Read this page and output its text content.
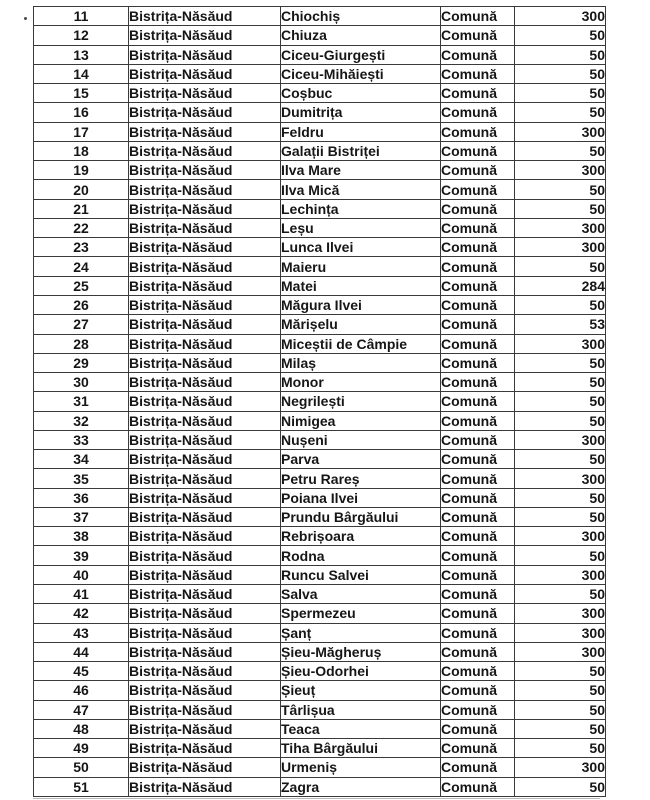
11	Bistrița-Năsăud	Chiochiș	Comună	300
12	Bistrița-Năsăud	Chiuza	Comună	50
13	Bistrița-Năsăud	Ciceu-Giurgești	Comună	50
14	Bistrița-Năsăud	Ciceu-Mihăiești	Comună	50
15	Bistrița-Năsăud	Coșbuc	Comună	50
16	Bistrița-Năsăud	Dumitrița	Comună	50
17	Bistrița-Năsăud	Feldru	Comună	300
18	Bistrița-Năsăud	Galații Bistriței	Comună	50
19	Bistrița-Năsăud	Ilva Mare	Comună	300
20	Bistrița-Năsăud	Ilva Mică	Comună	50
21	Bistrița-Năsăud	Lechința	Comună	50
22	Bistrița-Năsăud	Leșu	Comună	300
23	Bistrița-Năsăud	Lunca Ilvei	Comună	300
24	Bistrița-Năsăud	Maieru	Comună	50
25	Bistrița-Năsăud	Matei	Comună	284
26	Bistrița-Năsăud	Măgura Ilvei	Comună	50
27	Bistrița-Năsăud	Mărișelu	Comună	53
28	Bistrița-Năsăud	Miceștii de Câmpie	Comună	300
29	Bistrița-Năsăud	Milaș	Comună	50
30	Bistrița-Năsăud	Monor	Comună	50
31	Bistrița-Năsăud	Negrilești	Comună	50
32	Bistrița-Năsăud	Nimigea	Comună	50
33	Bistrița-Năsăud	Nușeni	Comună	300
34	Bistrița-Năsăud	Parva	Comună	50
35	Bistrița-Năsăud	Petru Rareș	Comună	300
36	Bistrița-Năsăud	Poiana Ilvei	Comună	50
37	Bistrița-Năsăud	Prundu Bârgăului	Comună	50
38	Bistrița-Năsăud	Rebrișoara	Comună	300
39	Bistrița-Năsăud	Rodna	Comună	50
40	Bistrița-Năsăud	Runcu Salvei	Comună	300
41	Bistrița-Năsăud	Salva	Comună	50
42	Bistrița-Năsăud	Spermezeu	Comună	300
43	Bistrița-Năsăud	Șanț	Comună	300
44	Bistrița-Năsăud	Șieu-Măgheruș	Comună	300
45	Bistrița-Năsăud	Șieu-Odorhei	Comună	50
46	Bistrița-Năsăud	Șieuț	Comună	50
47	Bistrița-Năsăud	Târlișua	Comună	50
48	Bistrița-Năsăud	Teaca	Comună	50
49	Bistrița-Năsăud	Tiha Bârgăului	Comună	50
50	Bistrița-Năsăud	Urmeniș	Comună	300
51	Bistrița-Năsăud	Zagra	Comună	50
